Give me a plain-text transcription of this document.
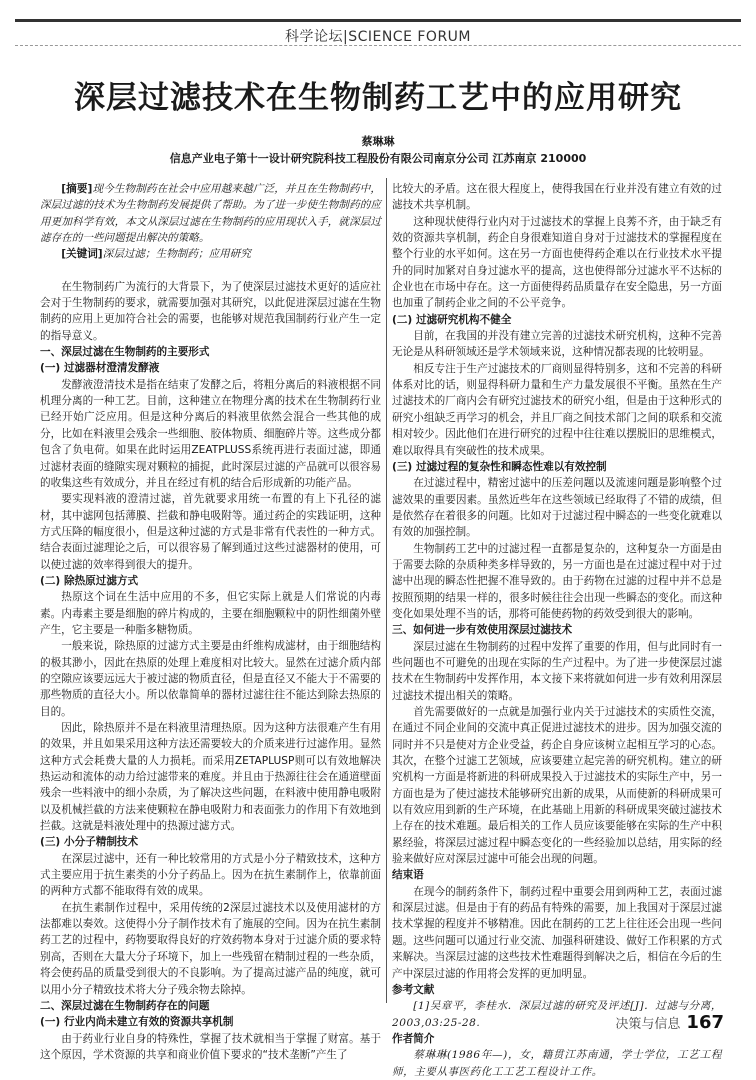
科学论坛|SCIENCE FORUM
深层过滤技术在生物制药工艺中的应用研究
蔡琳琳
信息产业电子第十一设计研究院科技工程股份有限公司南京分公司 江苏南京 210000

[摘要]现今生物制药在社会中应用越来越广泛，并且在生物制药中，深层过滤的技术为生物制药发展提供了帮助。为了进一步使生物制药的应用更加科学有效，本文从深层过滤在生物制药的应用现状入手，就深层过滤存在的一些问题提出解决的策略。

[关键词]深层过滤；生物制药；应用研究

在生物制药广为流行的大背景下，为了使深层过滤技术更好的适应社会对于生物制药的要求，就需要加强对其研究，以此促进深层过滤在生物制药的应用上更加符合社会的需要，也能够对规范我国制药行业产生一定的指导意义。

一、深层过滤在生物制药的主要形式
(一) 过滤器材澄清发酵液

发酵液澄清技术是指在结束了发酵之后，将粗分离后的料液根据不同机理分离的一种工艺。目前，这种建立在物理分离的技术在生物制药行业已经开始广泛应用。但是这种分离后的料液里依然会混合一些其他的成分，比如在料液里会残余一些细胞、胶体物质、细胞碎片等。这些成分都包含了负电荷。如果在此时运用ZEATPLUSS系统再进行表面过滤，即通过滤材表面的缝隙实现对颗粒的捕捉，此时深层过滤的产品就可以很容易的收集这些有效成分，并且在经过有机的结合后形成新的功能产品。

要实现料液的澄清过滤，首先就要求用统一布置的有上下孔径的滤材，其中滤网包括薄膜、拦截和静电吸附等。通过药企的实践证明，这种方式压降的幅度很小，但是这种过滤的方式是非常有代表性的一种方式。结合表面过滤理论之后，可以很容易了解到通过这些过滤器材的使用，可以使过滤的效率得到很大的提升。

(二) 除热原过滤方式

热原这个词在生活中应用的不多，但它实际上就是人们常说的内毒素。内毒素主要是细胞的碎片构成的，主要在细胞颗粒中的阴性细菌外壁产生，它主要是一种脂多糖物质。

一般来说，除热原的过滤方式主要是由纤维构成滤材，由于细胞结构的极其渺小，因此在热原的处理上难度相对比较大。显然在过滤介质内部的空隙应该要远远大于被过滤的物质直径，但是直径又不能大于不需要的那些物质的直径大小。所以依靠简单的器材过滤往往不能达到除去热原的目的。

因此，除热原并不是在料液里清理热原。因为这种方法很难产生有用的效果，并且如果采用这种方法还需要较大的介质来进行过滤作用。显然这种方式会耗费大量的人力损耗。而采用ZETAPLUSP则可以有效地解决热运动和流体的动力给过滤带来的难度。并且由于热源往往会在通道壁面残余一些料液中的细小杂质，为了解决这些问题，在料液中使用静电吸附以及机械拦截的方法来使颗粒在静电吸附力和表面张力的作用下有效地到拦截。这就是料液处理中的热源过滤方式。

(三) 小分子精制技术

在深层过滤中，还有一种比较常用的方式是小分子精致技术，这种方式主要应用于抗生素类的小分子药品上。因为在抗生素制作上，依靠前面的两种方式都不能取得有效的成果。

在抗生素制作过程中，采用传统的2深层过滤技术以及使用滤材的方法都难以奏效。这使得小分子制作技术有了施展的空间。因为在抗生素制药工艺的过程中，药物要取得良好的疗效药物本身对于过滤介质的要求特别高，否则在大量大分子环境下，加上一些残留在精制过程的一些杂质，将会使药品的质量受到很大的不良影响。为了提高过滤产品的纯度，就可以用小分子精致技术将大分子残余物去除掉。

二、深层过滤在生物制药存在的问题
(一) 行业内尚未建立有效的资源共享机制

由于药业行业自身的特殊性，掌握了技术就相当于掌握了财富。基于这个原因，学术资源的共享和商业价值下要求的“技术垄断”产生了

比较大的矛盾。这在很大程度上，使得我国在行业并没有建立有效的过滤技术共享机制。

这种现状使得行业内对于过滤技术的掌握上良莠不齐，由于缺乏有效的资源共享机制，药企自身很难知道自身对于过滤技术的掌握程度在整个行业的水平如何。这在另一方面也使得药企难以在行业技术水平提升的同时加紧对自身过滤水平的提高，这也使得部分过滤水平不达标的企业也在市场中存在。这一方面使得药品质量存在安全隐患，另一方面也加重了制药企业之间的不公平竞争。

(二) 过滤研究机构不健全

目前，在我国的并没有建立完善的过滤技术研究机构，这种不完善无论是从科研领域还是学术领域来说，这种情况都表现的比较明显。

相反专注于生产过滤技术的厂商则显得特别多，这和不完善的科研体系对比的话，则显得科研力量和生产力量发展很不平衡。虽然在生产过滤技术的厂商内会有研究过滤技术的研究小组，但是由于这种形式的研究小组缺乏再学习的机会，并且厂商之间技术部门之间的联系和交流相对较少。因此他们在进行研究的过程中往往难以摆脱旧的思维模式，难以取得具有突破性的技术成果。

(三) 过滤过程的复杂性和瞬态性难以有效控制

在过滤过程中，精密过滤中的压差问题以及流速问题是影响整个过滤效果的重要因素。虽然近些年在这些领域已经取得了不错的成绩，但是依然存在着很多的问题。比如对于过滤过程中瞬态的一些变化就难以有效的加强控制。

生物制药工艺中的过滤过程一直都是复杂的，这种复杂一方面是由于需要去除的杂质种类多样导致的，另一方面也是在过滤过程中对于过滤中出现的瞬态性把握不准导致的。由于药物在过滤的过程中并不总是按照预期的结果一样的，很多时候往往会出现一些瞬态的变化。而这种变化如果处理不当的话，那将可能使药物的药效受到很大的影响。

三、如何进一步有效使用深层过滤技术

深层过滤在生物制药的过程中发挥了重要的作用，但与此同时有一些问题也不可避免的出现在实际的生产过程中。为了进一步使深层过滤技术在生物制药中发挥作用，本文接下来将就如何进一步有效利用深层过滤技术提出相关的策略。

首先需要做好的一点就是加强行业内关于过滤技术的实质性交流，在通过不同企业间的交流中真正促进过滤技术的进步。因为加强交流的同时并不只是使对方企业受益，药企自身应该树立起相互学习的心态。其次，在整个过滤工艺领域，应该要建立起完善的研究机构。建立的研究机构一方面是将新进的科研成果投入于过滤技术的实际生产中，另一方面也是为了使过滤技术能够研究出新的成果，从而使新的科研成果可以有效应用到新的生产环境，在此基础上用新的科研成果突破过滤技术上存在的技术难题。最后相关的工作人员应该要能够在实际的生产中积累经验，将深层过滤过程中瞬态变化的一些经验加以总结，用实际的经验来做好应对深层过滤中可能会出现的问题。

结束语

在现今的制药条件下，制药过程中重要会用到两种工艺，表面过滤和深层过滤。但是由于有的药品有特殊的需要，加上我国对于深层过滤技术掌握的程度并不够精准。因此在制药的工艺上往往还会出现一些问题。这些问题可以通过行业交流、加强科研建设、做好工作积累的方式来解决。当深层过滤的这些技术性难题得到解决之后，相信在今后的生产中深层过滤的作用将会发挥的更加明显。

参考文献

[1]吴章平，李桂水．深层过滤的研究及评述[J]．过滤与分离，2003,03:25-28.

作者简介

蔡琳琳(1986年—)，女，籍贯江苏南通，学士学位，工艺工程师，主要从事医药化工工艺工程设计工作。

决策与信息 167
